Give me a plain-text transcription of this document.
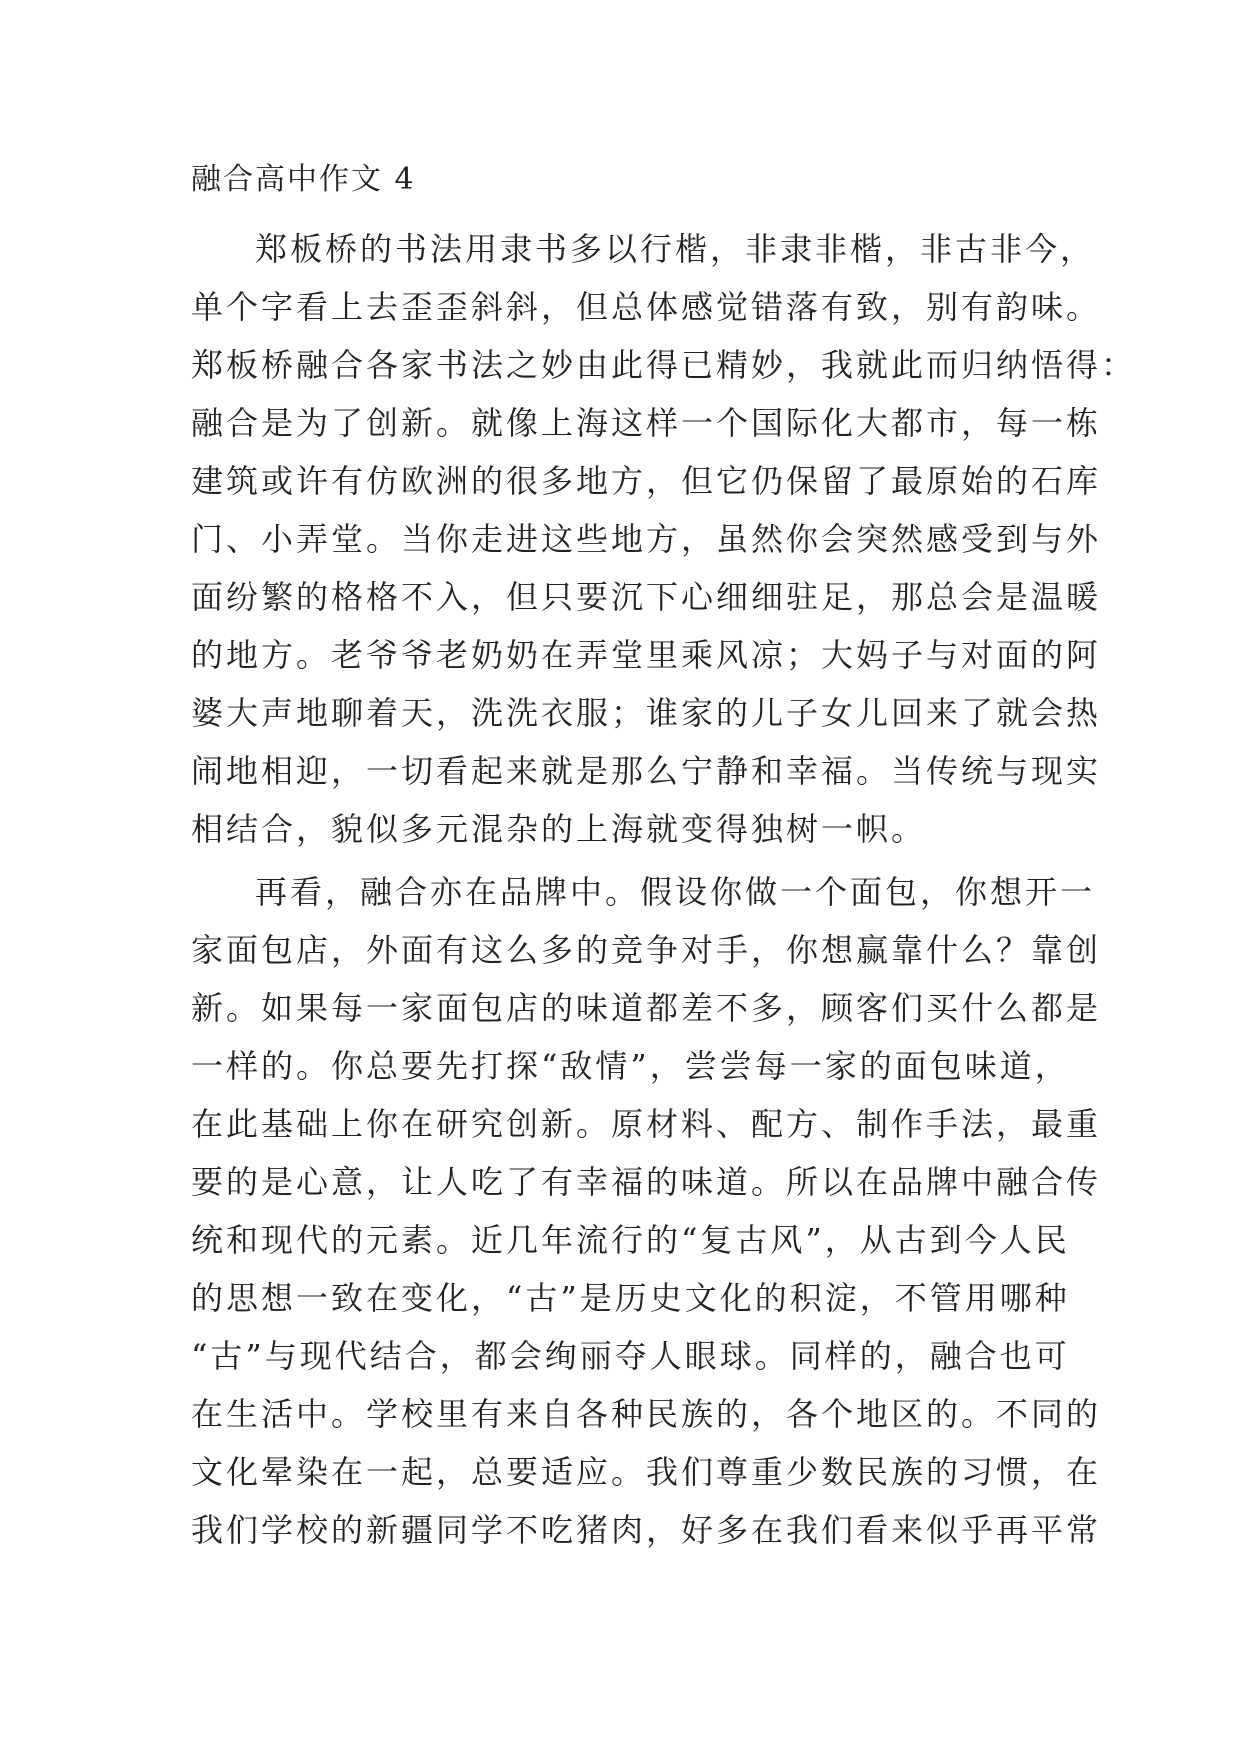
融合高中作文 4
郑板桥的书法用隶书多以行楷，非隶非楷，非古非今，
单个字看上去歪歪斜斜，但总体感觉错落有致，别有韵味。
郑板桥融合各家书法之妙由此得已精妙，我就此而归纳悟得：
融合是为了创新。就像上海这样一个国际化大都市，每一栋
建筑或许有仿欧洲的很多地方，但它仍保留了最原始的石库
门、小弄堂。当你走进这些地方，虽然你会突然感受到与外
面纷繁的格格不入，但只要沉下心细细驻足，那总会是温暖
的地方。老爷爷老奶奶在弄堂里乘风凉；大妈子与对面的阿
婆大声地聊着天，洗洗衣服；谁家的儿子女儿回来了就会热
闹地相迎，一切看起来就是那么宁静和幸福。当传统与现实
相结合，貌似多元混杂的上海就变得独树一帜。
再看，融合亦在品牌中。假设你做一个面包，你想开一
家面包店，外面有这么多的竞争对手，你想赢靠什么？靠创
新。如果每一家面包店的味道都差不多，顾客们买什么都是
一样的。你总要先打探“敌情”，尝尝每一家的面包味道，
在此基础上你在研究创新。原材料、配方、制作手法，最重
要的是心意，让人吃了有幸福的味道。所以在品牌中融合传
统和现代的元素。近几年流行的“复古风”，从古到今人民
的思想一致在变化，“古”是历史文化的积淀，不管用哪种
“古”与现代结合，都会绚丽夺人眼球。同样的，融合也可
在生活中。学校里有来自各种民族的，各个地区的。不同的
文化晕染在一起，总要适应。我们尊重少数民族的习惯，在
我们学校的新疆同学不吃猪肉，好多在我们看来似乎再平常
